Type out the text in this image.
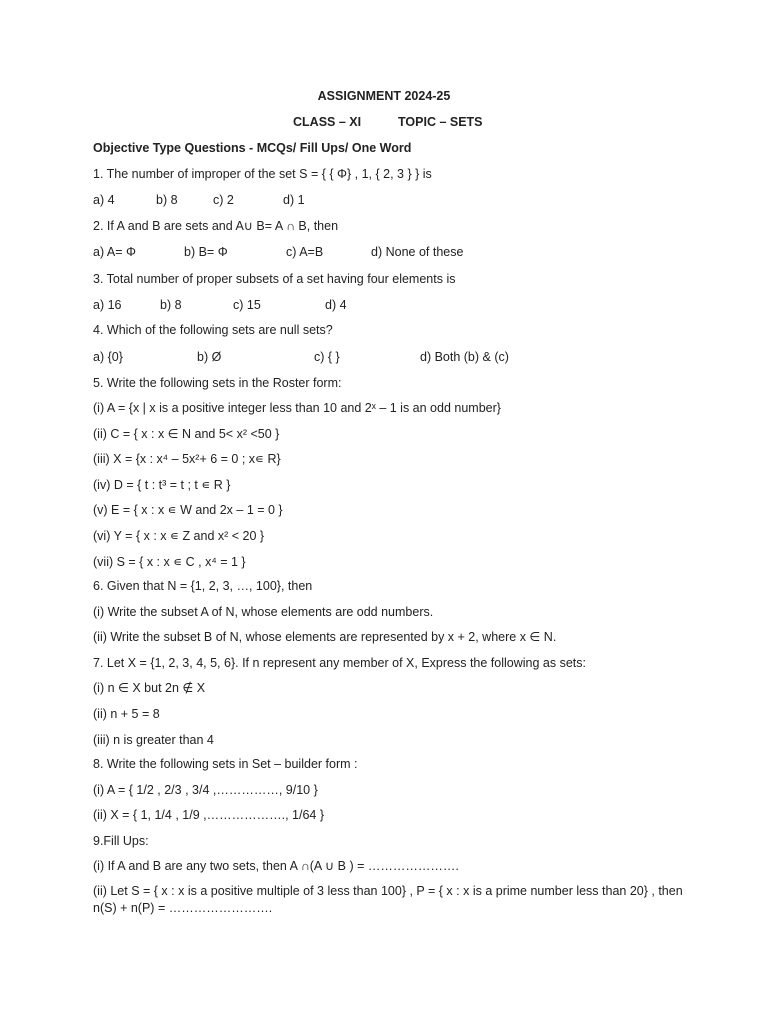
ASSIGNMENT 2024-25
CLASS – XI	TOPIC – SETS
Objective Type Questions - MCQs/ Fill Ups/ One Word
1. The number of improper of the set S = { { Φ} , 1, { 2, 3 } } is
a) 4	b) 8	c) 2	d) 1
2. If A and B are sets and A∪ B= A ∩ B, then
a) A= Φ	b) B= Φ	c) A=B	d) None of these
3. Total number of proper subsets of a set having four elements is
a) 16	b) 8	c) 15	d) 4
4. Which of the following sets are null sets?
a) {0}	b) Ø	c) { }	d) Both (b) & (c)
5. Write the following sets in the Roster form:
(i) A = {x | x is a positive integer less than 10 and 2ˣ – 1 is an odd number}
(ii) C = { x : x ∈ N and 5< x² <50 }
(iii) X = {x : x⁴ – 5x²+ 6 = 0 ; x∊ R}
(iv) D = { t : t³ = t ; t ∊ R }
(v) E = { x : x ∊ W and 2x – 1 = 0 }
(vi) Y = { x : x ∊ Z and x² < 20 }
(vii) S = { x : x ∊ C , x⁴ = 1 }
6. Given that N = {1, 2, 3, …, 100}, then
(i) Write the subset A of N, whose elements are odd numbers.
(ii) Write the subset B of N, whose elements are represented by x + 2, where x ∈ N.
7. Let X = {1, 2, 3, 4, 5, 6}. If n represent any member of X, Express the following as sets:
(i) n ∈ X but 2n ∉ X
(ii) n + 5 = 8
(iii) n is greater than 4
8. Write the following sets in Set – builder form :
(i) A = { 1/2 , 2/3 , 3/4 ,……………, 9/10 }
(ii) X = { 1, 1/4 , 1/9 ,………………., 1/64 }
9.Fill Ups:
(i) If A and B are any two sets, then A ∩(A ∪ B ) = ………………….
(ii) Let S = { x : x is a positive multiple of 3 less than 100} , P = { x : x is a prime number less than 20} , then n(S) + n(P) = …………………….
